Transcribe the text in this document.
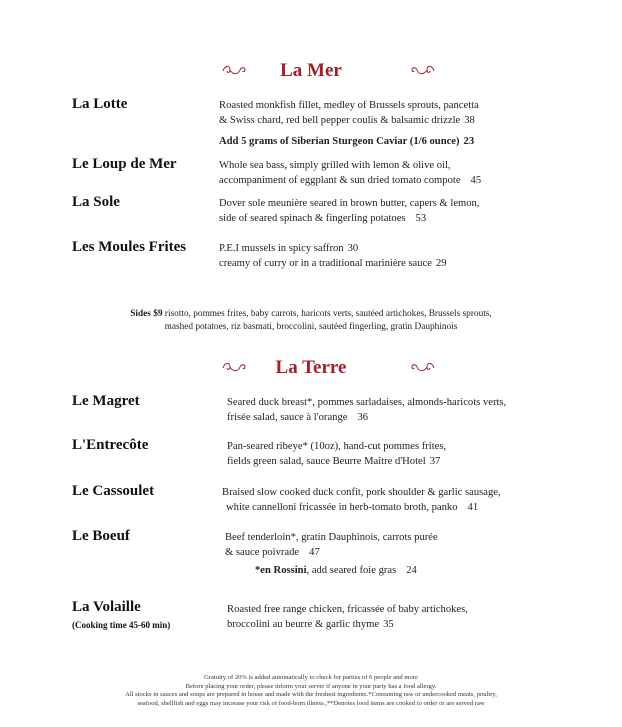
La Mer
La Lotte	Roasted monkfish fillet, medley of Brussels sprouts, pancetta
& Swiss chard, red bell pepper coulis & balsamic drizzle 38
Add 5 grams of Siberian Sturgeon Caviar (1/6 ounce) 23
Le Loup de Mer	Whole sea bass, simply grilled with lemon & olive oil,
accompaniment of eggplant & sun dried tomato compote 45
La Sole	Dover sole meunière seared in brown butter, capers & lemon,
side of seared spinach & fingerling potatoes 53
Les Moules Frites	P.E.I mussels in spicy saffron 30
creamy of curry or in a traditional marinière sauce 29
Sides $9 risotto, pommes frites, baby carrots, haricots verts, sautéed artichokes, Brussels sprouts,
mashed potatoes, riz basmati, broccolini, sautéed fingerling, gratin Dauphinois
La Terre
Le Magret	Seared duck breast*, pommes sarladaises, almonds-haricots verts,
frisée salad, sauce à l'orange 36
L'Entrecôte	Pan-seared ribeye* (10oz), hand-cut pommes frites,
fields green salad, sauce Beurre Maître d'Hotel 37
Le Cassoulet	Braised slow cooked duck confit, pork shoulder & garlic sausage,
white cannelloni fricassée in herb-tomato broth, panko 41
Le Boeuf	Beef tenderloin*, gratin Dauphinois, carrots purée
& sauce poivrade 47
*en Rossini, add seared foie gras 24
La Volaille
(Cooking time 45-60 min)
Roasted free range chicken, fricassée of baby artichokes,
broccolini au beurre & garlic thyme 35
Gratuity of 20% is added automatically to check for parties of 6 people and more
Before placing your order, please inform your server if anyone in your party has a food allergy.
All stocks in sauces and soups are prepared in house and made with the freshest ingredients.*Consuming raw or undercooked meats, poultry,
seafood, shellfish and eggs may increase your risk of food-born illness.,**Denotes food items are cooked to order or are served raw
